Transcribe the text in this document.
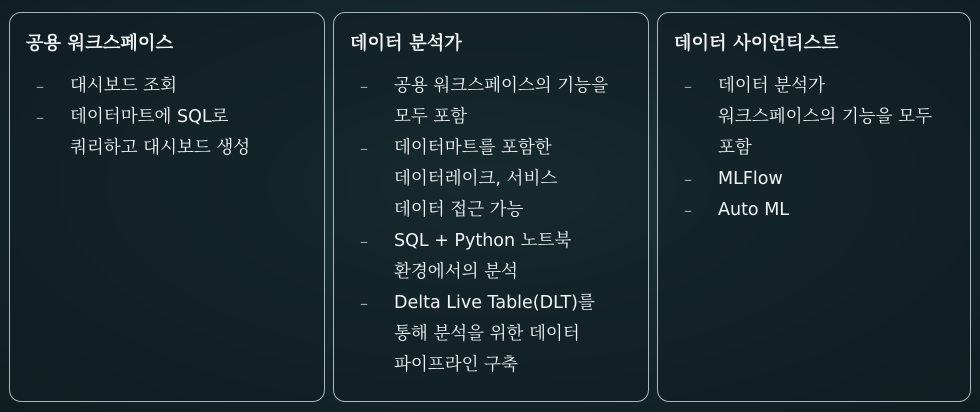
공용 워크스페이스
– 대시보드 조회
– 데이터마트에 SQL로
쿼리하고 대시보드 생성
데이터 분석가
– 공용 워크스페이스의 기능을
모두 포함
– 데이터마트를 포함한
데이터레이크, 서비스
데이터 접근 가능
– SQL + Python 노트북
환경에서의 분석
– Delta Live Table(DLT)를
통해 분석을 위한 데이터
파이프라인 구축
데이터 사이언티스트
– 데이터 분석가
워크스페이스의 기능을 모두
포함
– MLFlow
– Auto ML
